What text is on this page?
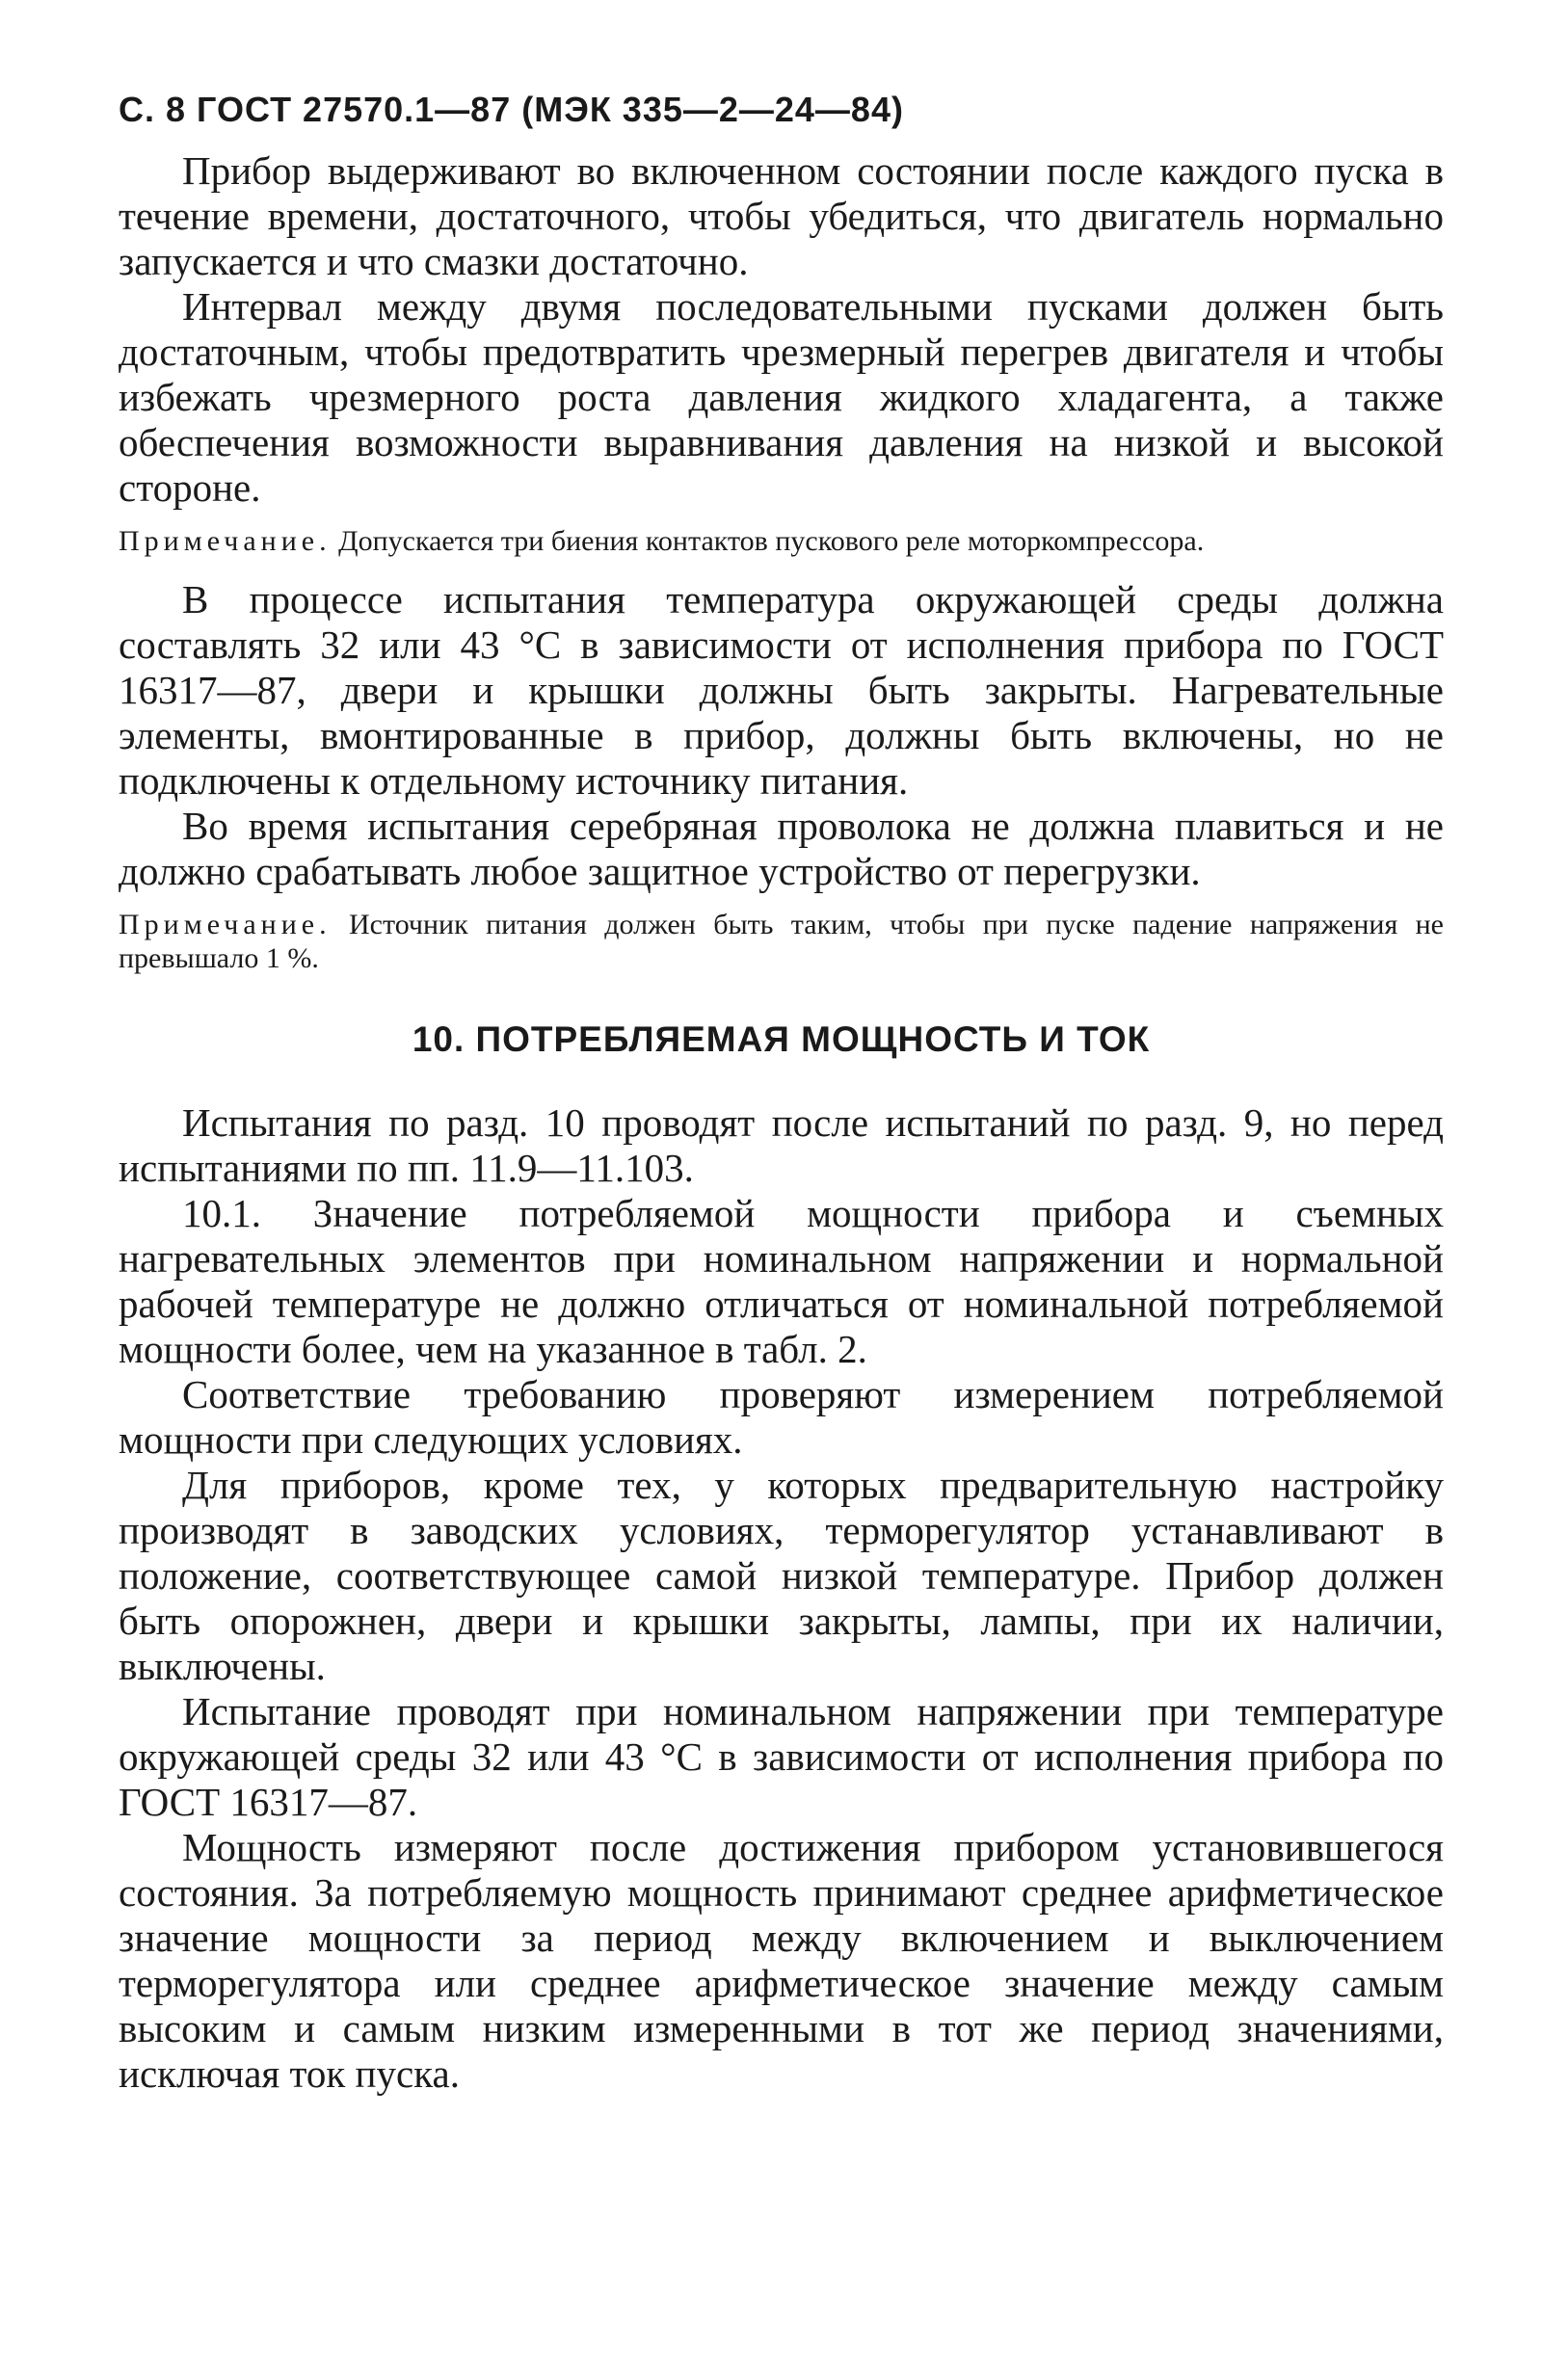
С. 8 ГОСТ 27570.1—87 (МЭК 335—2—24—84)

Прибор выдерживают во включенном состоянии после каждого пуска в течение времени, достаточного, чтобы убедиться, что двигатель нормально запускается и что смазки достаточно.

Интервал между двумя последовательными пусками должен быть достаточным, чтобы предотвратить чрезмерный перегрев двигателя и чтобы избежать чрезмерного роста давления жидкого хладагента, а также обеспечения возможности выравнивания давления на низкой и высокой стороне.

Примечание. Допускается три биения контактов пускового реле моторкомпрессора.

В процессе испытания температура окружающей среды должна составлять 32 или 43 °С в зависимости от исполнения прибора по ГОСТ 16317—87, двери и крышки должны быть закрыты. Нагревательные элементы, вмонтированные в прибор, должны быть включены, но не подключены к отдельному источнику питания.

Во время испытания серебряная проволока не должна плавиться и не должно срабатывать любое защитное устройство от перегрузки.

Примечание. Источник питания должен быть таким, чтобы при пуске падение напряжения не превышало 1 %.

10. ПОТРЕБЛЯЕМАЯ МОЩНОСТЬ И ТОК

Испытания по разд. 10 проводят после испытаний по разд. 9, но перед испытаниями по пп. 11.9—11.103.

10.1. Значение потребляемой мощности прибора и съемных нагревательных элементов при номинальном напряжении и нормальной рабочей температуре не должно отличаться от номинальной потребляемой мощности более, чем на указанное в табл. 2.

Соответствие требованию проверяют измерением потребляемой мощности при следующих условиях.

Для приборов, кроме тех, у которых предварительную настройку производят в заводских условиях, терморегулятор устанавливают в положение, соответствующее самой низкой температуре. Прибор должен быть опорожнен, двери и крышки закрыты, лампы, при их наличии, выключены.

Испытание проводят при номинальном напряжении при температуре окружающей среды 32 или 43 °С в зависимости от исполнения прибора по ГОСТ 16317—87.

Мощность измеряют после достижения прибором установившегося состояния. За потребляемую мощность принимают среднее арифметическое значение мощности за период между включением и выключением терморегулятора или среднее арифметическое значение между самым высоким и самым низким измеренными в тот же период значениями, исключая ток пуска.
